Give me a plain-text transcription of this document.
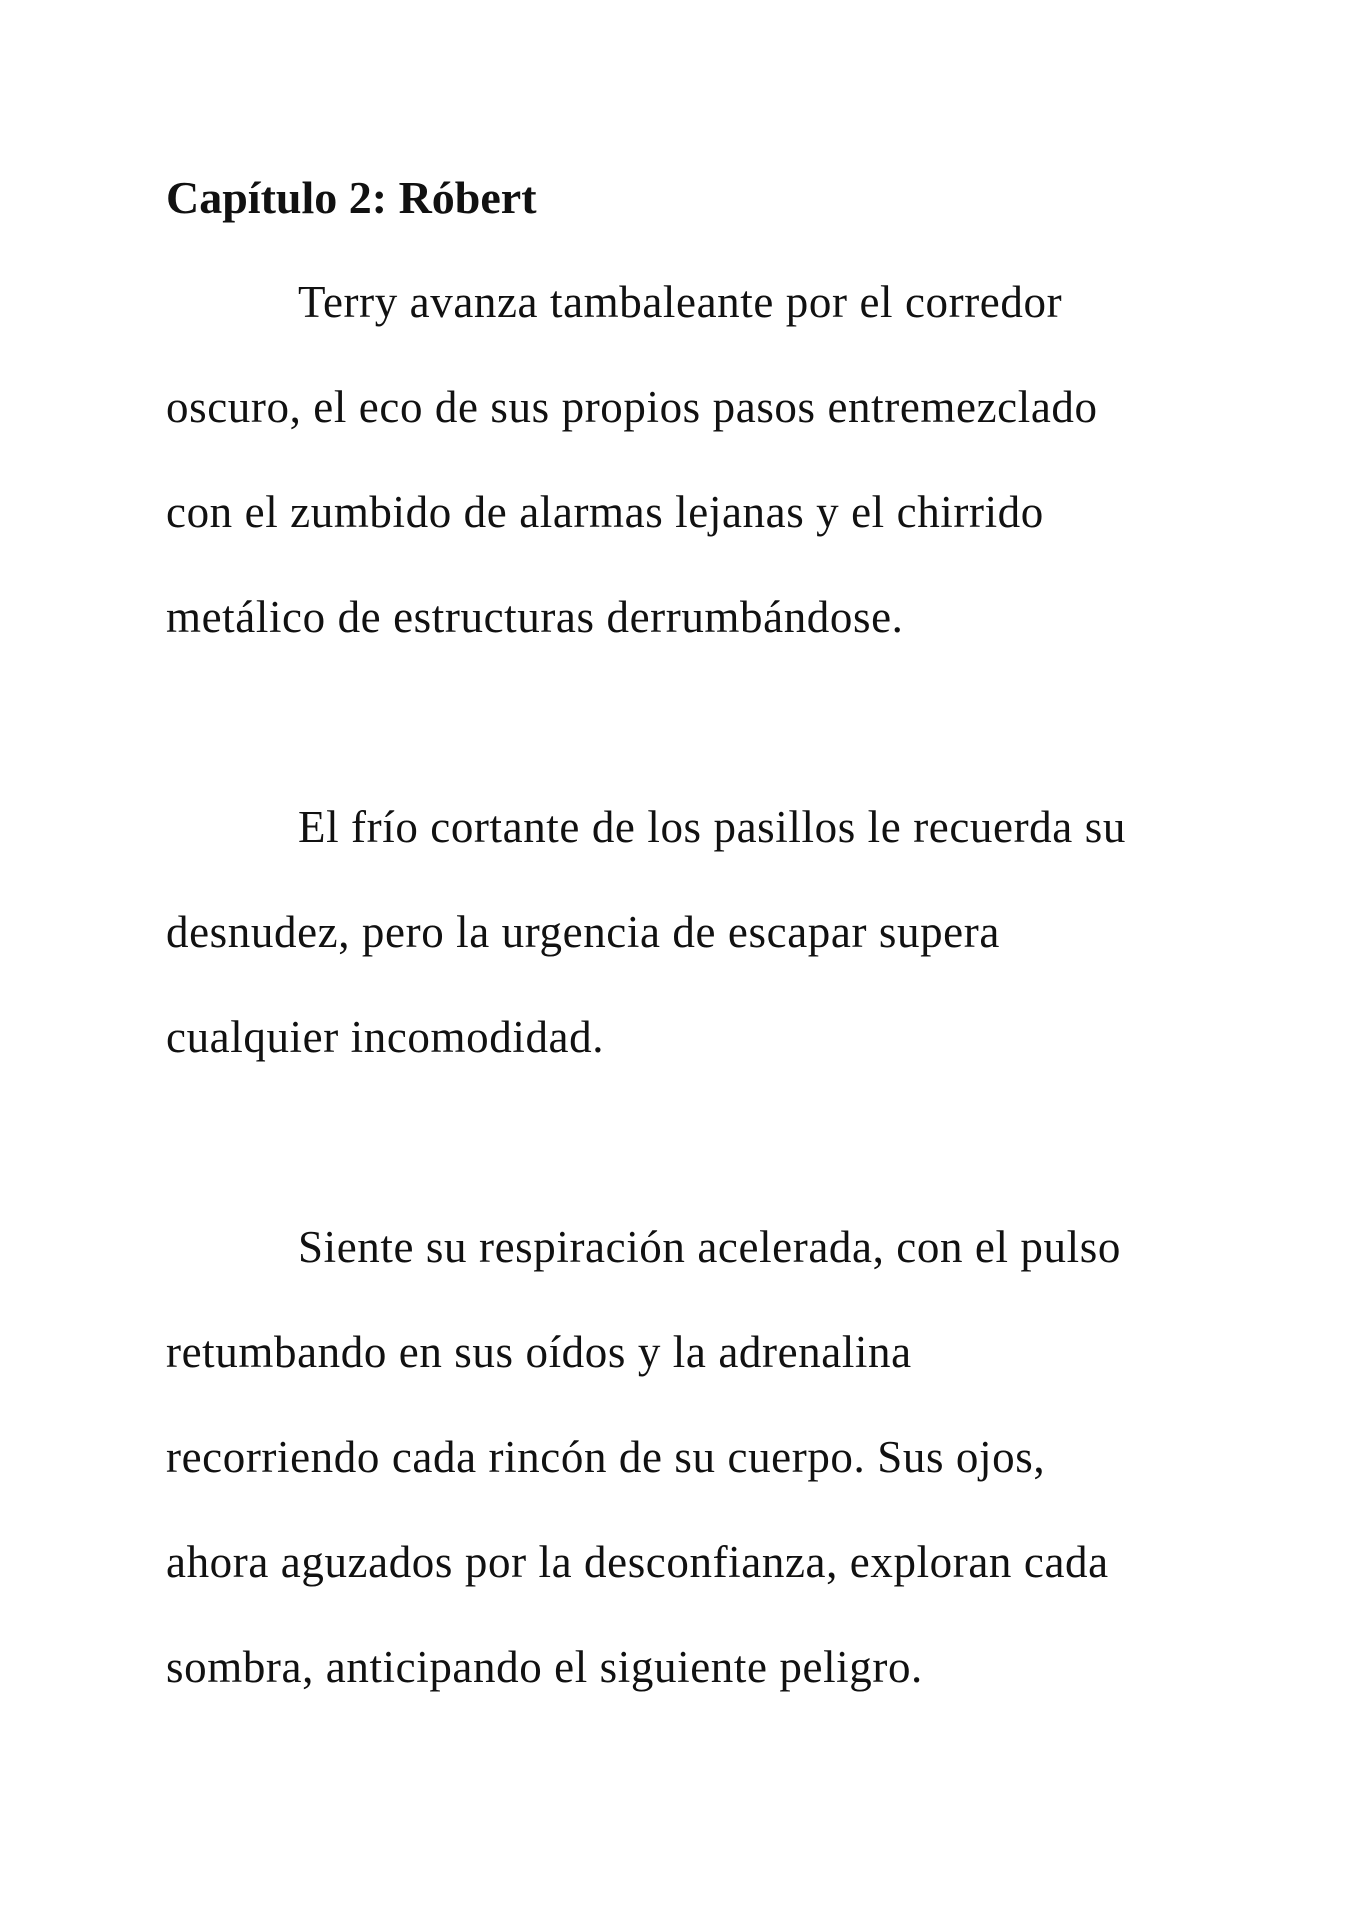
Capítulo 2: Róbert

Terry avanza tambaleante por el corredor

oscuro, el eco de sus propios pasos entremezclado

con el zumbido de alarmas lejanas y el chirrido

metálico de estructuras derrumbándose.

El frío cortante de los pasillos le recuerda su

desnudez, pero la urgencia de escapar supera

cualquier incomodidad.

Siente su respiración acelerada, con el pulso

retumbando en sus oídos y la adrenalina

recorriendo cada rincón de su cuerpo. Sus ojos,

ahora aguzados por la desconfianza, exploran cada

sombra, anticipando el siguiente peligro.
